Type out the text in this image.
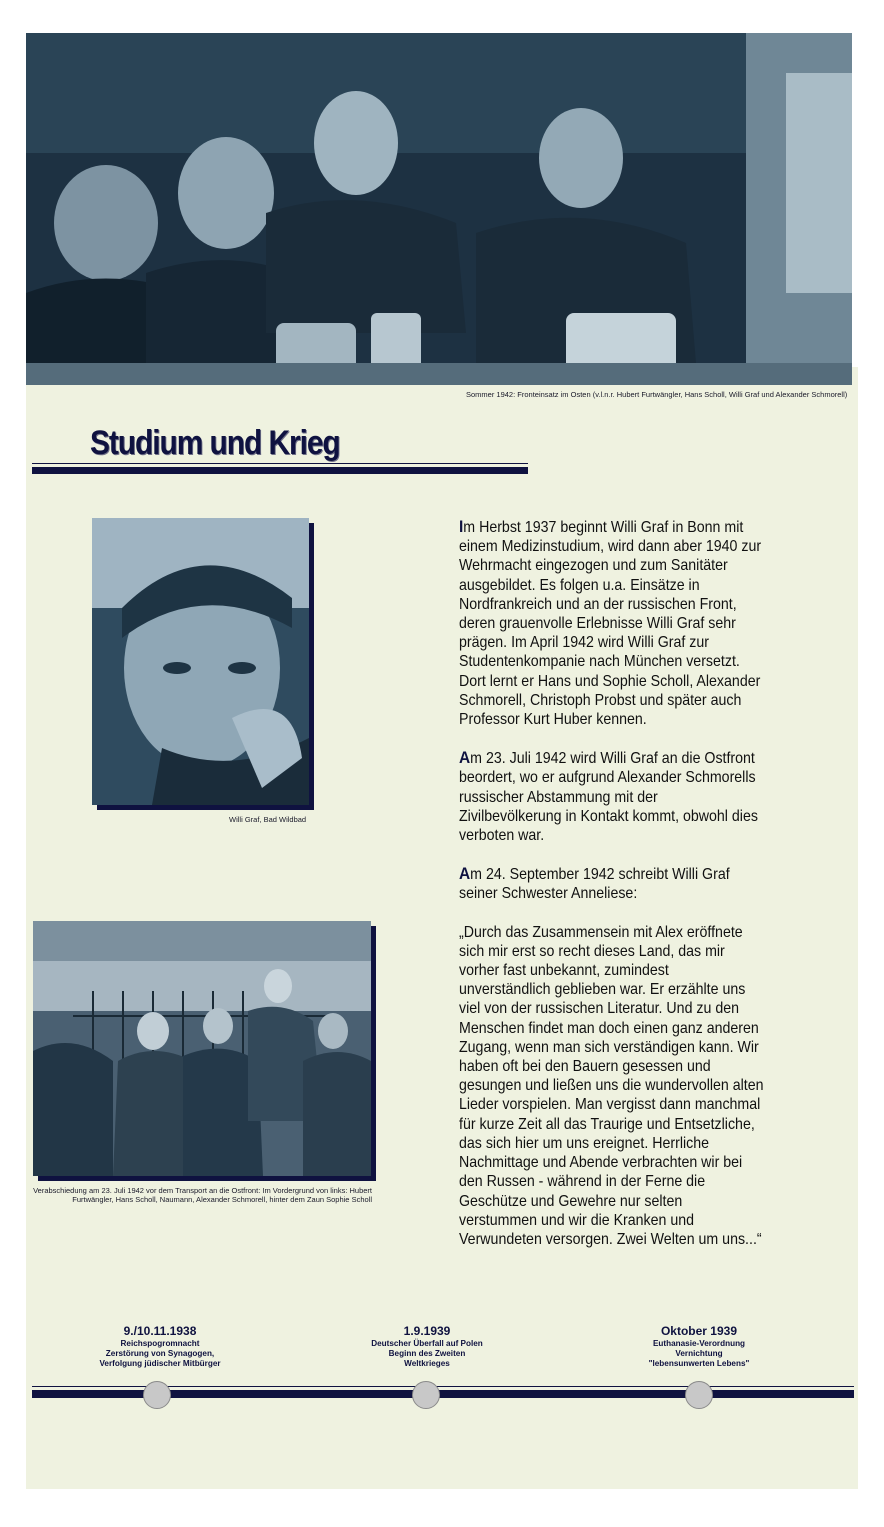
Sommer 1942: Fronteinsatz im Osten (v.l.n.r. Hubert Furtwängler, Hans Scholl, Willi Graf und Alexander Schmorell)
Studium und Krieg
Willi Graf, Bad Wildbad
Verabschiedung am 23. Juli 1942 vor dem Transport an die Ostfront: Im Vordergrund von links: Hubert
Furtwängler, Hans Scholl, Naumann, Alexander Schmorell, hinter dem Zaun Sophie Scholl

Im Herbst 1937 beginnt Willi Graf in Bonn mit einem Medizinstudium, wird dann aber 1940 zur Wehrmacht eingezogen und zum Sanitäter ausgebildet. Es folgen u.a. Einsätze in Nordfrankreich und an der russischen Front, deren grauenvolle Erlebnisse Willi Graf sehr prägen. Im April 1942 wird Willi Graf zur Studentenkompanie nach München versetzt. Dort lernt er Hans und Sophie Scholl, Alexander Schmorell, Christoph Probst und später auch Professor Kurt Huber kennen.

Am 23. Juli 1942 wird Willi Graf an die Ostfront beordert, wo er aufgrund Alexander Schmorells russischer Abstammung mit der Zivilbevölkerung in Kontakt kommt, obwohl dies verboten war.

Am 24. September 1942 schreibt Willi Graf seiner Schwester Anneliese:

„Durch das Zusammensein mit Alex eröffnete sich mir erst so recht dieses Land, das mir vorher fast unbekannt, zumindest unverständlich geblieben war. Er erzählte uns viel von der russischen Literatur. Und zu den Menschen findet man doch einen ganz anderen Zugang, wenn man sich verständigen kann. Wir haben oft bei den Bauern gesessen und gesungen und ließen uns die wundervollen alten Lieder vorspielen. Man vergisst dann manchmal für kurze Zeit all das Traurige und Entsetzliche, das sich hier um uns ereignet. Herrliche Nachmittage und Abende verbrachten wir bei den Russen - während in der Ferne die Geschütze und Gewehre nur selten verstummen und wir die Kranken und Verwundeten versorgen. Zwei Welten um uns...“

9./10.11.1938
Reichspogromnacht
Zerstörung von Synagogen,
Verfolgung jüdischer Mitbürger
1.9.1939
Deutscher Überfall auf Polen
Beginn des Zweiten
Weltkrieges
Oktober 1939
Euthanasie-Verordnung
Vernichtung
"lebensunwerten Lebens"
